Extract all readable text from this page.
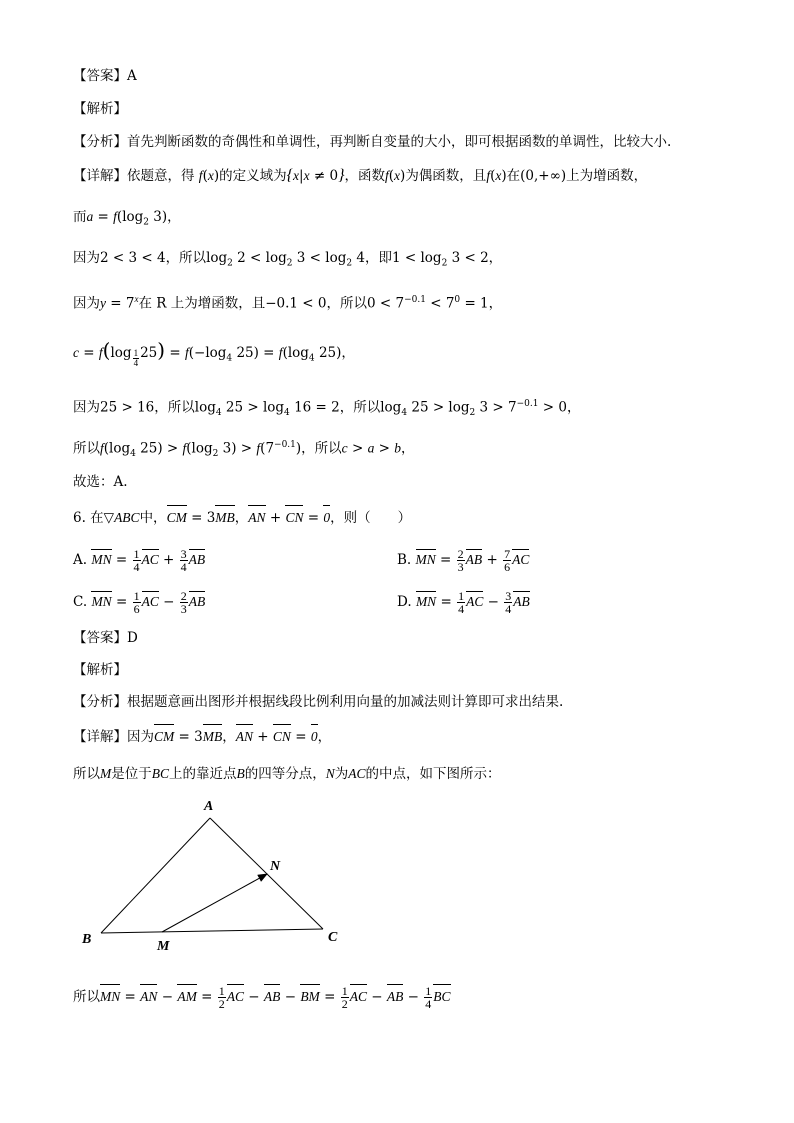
【答案】A
【解析】
【分析】首先判断函数的奇偶性和单调性，再判断自变量的大小，即可根据函数的单调性，比较大小.
【详解】依题意，得 f(x)的定义域为{x|x ≠ 0}，函数f(x)为偶函数，且f(x)在(0,+∞)上为增函数，
而$a = f(\log_2$ 3)，
因为2 < 3 < 4，所以$\log_2 2 < \log_2 3 < \log_2 4$，即$1 < \log_2 3 < 2$，
因为$y = 7^x$在 R 上为增函数，且−0.1 < 0，所以$0 < 7^{-0.1} < 7^0 = 1$，
c = f(log $_{\frac{1}{4}}$ $25) = f(-\log_4$ $25) = f(\log_4$ 25)，
因为25 > 16，所以$\log_4 25 > \log_4 16 = 2$，所以$\log_4 25 > \log_2 3 > 7^{-0.1} > 0$，
所以$f(\log_4$ $25) > f(\log_2$ $3) > f(7^{-0.1})$，所以c > a > b，
故选：A.
6. 在▽ABC中，CM = 3MB，AN + CN = 0，则（　　）
A. MN = $\frac{1}{4}$ AC + $\frac{3}{4}$ AB	B. MN = $\frac{2}{3}$ AB + $\frac{7}{6}$ AC
C. MN = $\frac{1}{6}$ AC − $\frac{2}{3}$ AB	D. MN = $\frac{1}{4}$ AC − $\frac{3}{4}$ AB
【答案】D
【解析】
【分析】根据题意画出图形并根据线段比例利用向量的加减法则计算即可求出结果.
【详解】因为CM = 3MB，AN + CN = 0，
所以M是位于BC上的靠近点B的四等分点，N为AC的中点，如下图所示：
A
B	C
M
N
所以MN = AN − AM = $\frac{1}{2}$ AC − AB − BM = $\frac{1}{2}$ AC − AB − $\frac{1}{4}$ BC
